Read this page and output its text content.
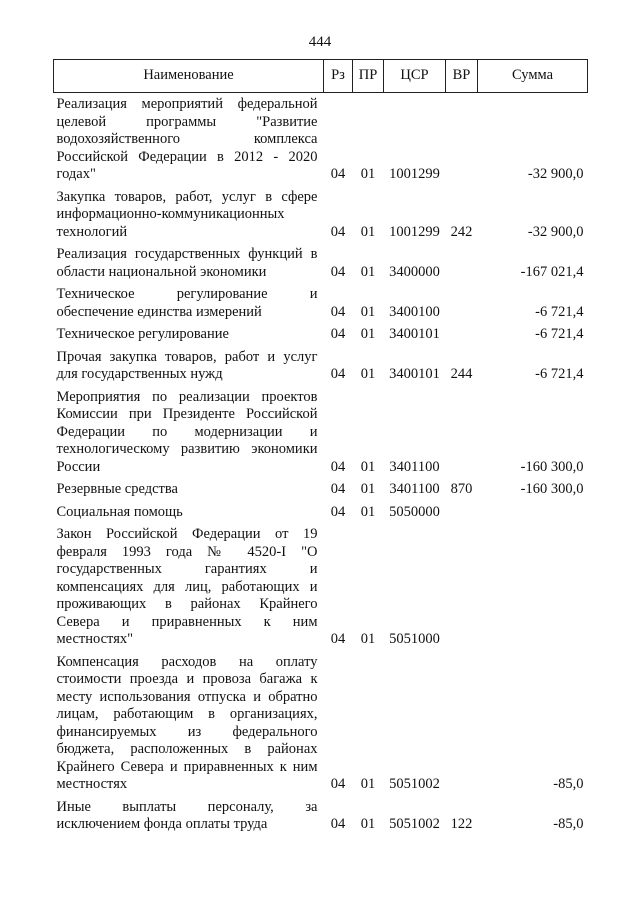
444
Наименование	Рз	ПР	ЦСР	ВР	Сумма
Реализация мероприятий федеральной целевой программы "Развитие водохозяйственного комплекса Российской Федерации в 2012 - 2020 годах"	04	01	1001299		-32 900,0
Закупка товаров, работ, услуг в сфере информационно-коммуникационных технологий	04	01	1001299	242	-32 900,0
Реализация государственных функций в области национальной экономики	04	01	3400000		-167 021,4
Техническое регулирование и обеспечение единства измерений	04	01	3400100		-6 721,4
Техническое регулирование	04	01	3400101		-6 721,4
Прочая закупка товаров, работ и услуг для государственных нужд	04	01	3400101	244	-6 721,4
Мероприятия по реализации проектов Комиссии при Президенте Российской Федерации по модернизации и технологическому развитию экономики России	04	01	3401100		-160 300,0
Резервные средства	04	01	3401100	870	-160 300,0
Социальная помощь	04	01	5050000		
Закон Российской Федерации от 19 февраля 1993 года № 4520-I "О государственных гарантиях и компенсациях для лиц, работающих и проживающих в районах Крайнего Севера и приравненных к ним местностях"	04	01	5051000		
Компенсация расходов на оплату стоимости проезда и провоза багажа к месту использования отпуска и обратно лицам, работающим в организациях, финансируемых из федерального бюджета, расположенных в районах Крайнего Севера и приравненных к ним местностях	04	01	5051002		-85,0
Иные выплаты персоналу, за исключением фонда оплаты труда	04	01	5051002	122	-85,0
